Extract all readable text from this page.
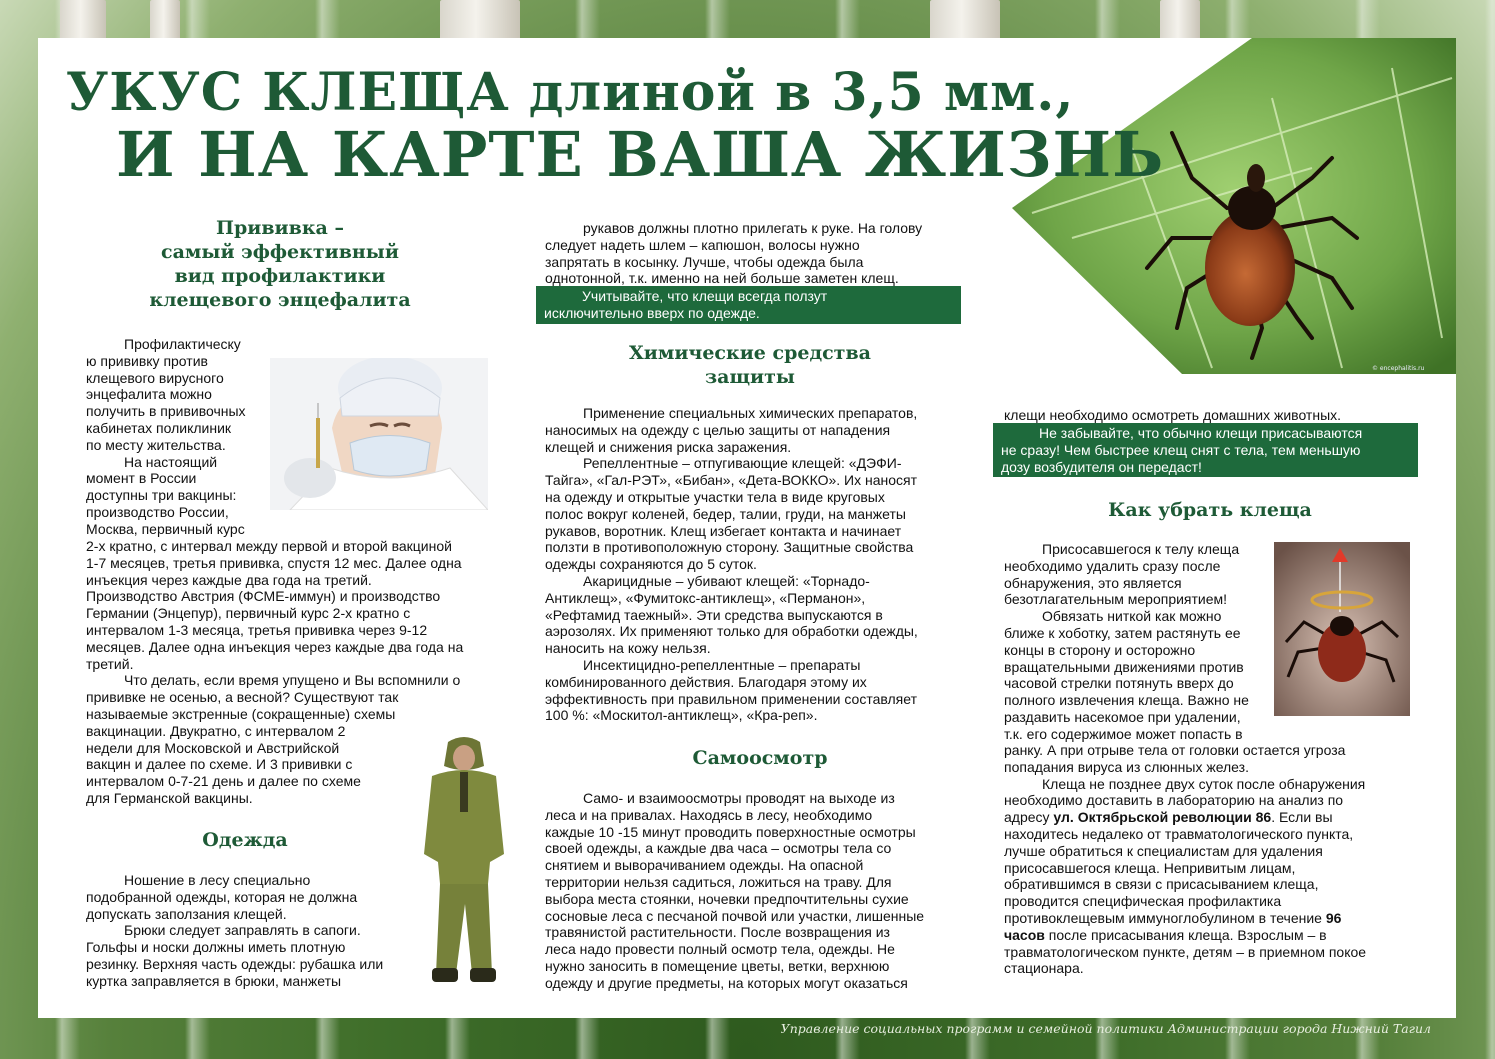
© encephalitis.ru
УКУС КЛЕЩА длиной в 3,5 мм.,
И НА КАРТЕ ВАША ЖИЗНЬ
Прививка –
самый эффективный
вид профилактики
клещевого энцефалита

Профилактическу

ю прививку против

клещевого вирусного

энцефалита можно

получить в прививочных

кабинетах поликлиник

по месту жительства.

На настоящий

момент в России

доступны три вакцины:

производство России,

Москва, первичный курс

2-х кратно, с интервал между первой и второй вакциной

1-7 месяцев, третья прививка, спустя 12 мес. Далее одна

инъекция через каждые два года на третий.

Производство Австрия (ФСМЕ-иммун) и производство

Германии (Энцепур), первичный курс 2-х кратно с

интервалом 1-3 месяца, третья прививка через 9-12

месяцев. Далее одна инъекция через каждые два года на

третий.

Что делать, если время упущено и Вы вспомнили о

прививке не осенью, а весной? Существуют так

называемые экстренные (сокращенные) схемы

вакцинации. Двукратно, с интервалом 2

недели для Московской и Австрийской

вакцин и далее по схеме. И 3 прививки с

интервалом 0-7-21 день и далее по схеме

для Германской вакцины.

Одежда

Ношение в лесу специально

подобранной одежды, которая не должна

допускать заползания клещей.

Брюки следует заправлять в сапоги.

Гольфы и носки должны иметь плотную

резинку. Верхняя часть одежды: рубашка или

куртка заправляется в брюки, манжеты

рукавов должны плотно прилегать к руке. На голову

следует надеть шлем – капюшон, волосы нужно

запрятать в косынку. Лучше, чтобы одежда была

однотонной, т.к. именно на ней больше заметен клещ.

Учитывайте, что клещи всегда ползут

исключительно вверх по одежде.

Химические средства
защиты

Применение специальных химических препаратов,

наносимых на одежду с целью защиты от нападения

клещей и снижения риска заражения.

Репеллентные – отпугивающие клещей: «ДЭФИ-

Тайга», «Гал-РЭТ», «Бибан», «Дета-ВОККО». Их наносят

на одежду и открытые участки тела в виде круговых

полос вокруг коленей, бедер, талии, груди, на манжеты

рукавов, воротник. Клещ избегает контакта и начинает

ползти в противоположную сторону. Защитные свойства

одежды сохраняются до 5 суток.

Акарицидные – убивают клещей: «Торнадо-

Антиклещ», «Фумитокс-антиклещ», «Перманон»,

«Рефтамид таежный». Эти средства выпускаются в

аэрозолях. Их применяют только для обработки одежды,

наносить на кожу нельзя.

Инсектицидно-репеллентные – препараты

комбинированного действия. Благодаря этому их

эффективность при правильном применении составляет

100 %: «Москитол-антиклещ», «Кра-реп».

Самоосмотр

Само- и взаимоосмотры проводят на выходе из

леса и на привалах. Находясь в лесу, необходимо

каждые 10 -15 минут проводить поверхностные осмотры

своей одежды, а каждые два часа – осмотры тела со

снятием и выворачиванием одежды. На опасной

территории нельзя садиться, ложиться на траву. Для

выбора места стоянки, ночевки предпочтительны сухие

сосновые леса с песчаной почвой или участки, лишенные

травянистой растительности. После возвращения из

леса надо провести полный осмотр тела, одежды. Не

нужно заносить в помещение цветы, ветки, верхнюю

одежду и другие предметы, на которых могут оказаться

клещи необходимо осмотреть домашних животных.

Не забывайте, что обычно клещи присасываются

не сразу! Чем быстрее клещ снят с тела, тем меньшую

дозу возбудителя он передаст!

Как убрать клеща

Присосавшегося к телу клеща

необходимо удалить сразу после

обнаружения, это является

безотлагательным мероприятием!

Обвязать ниткой как можно

ближе к хоботку, затем растянуть ее

концы в сторону и осторожно

вращательными движениями против

часовой стрелки потянуть вверх до

полного извлечения клеща. Важно не

раздавить насекомое при удалении,

т.к. его содержимое может попасть в

ранку. А при отрыве тела от головки остается угроза

попадания вируса из слюнных желез.

Клеща не позднее двух суток после обнаружения

необходимо доставить в лабораторию на анализ по

адресу ул. Октябрьской революции 86. Если вы

находитесь недалеко от травматологического пункта,

лучше обратиться к специалистам для удаления

присосавшегося клеща. Непривитым лицам,

обратившимся в связи с присасыванием клеща,

проводится специфическая профилактика

противоклещевым иммуноглобулином в течение 96

часов после присасывания клеща. Взрослым – в

травматологическом пункте, детям – в приемном покое

стационара.

Управление социальных программ и семейной политики Администрации города Нижний Тагил
